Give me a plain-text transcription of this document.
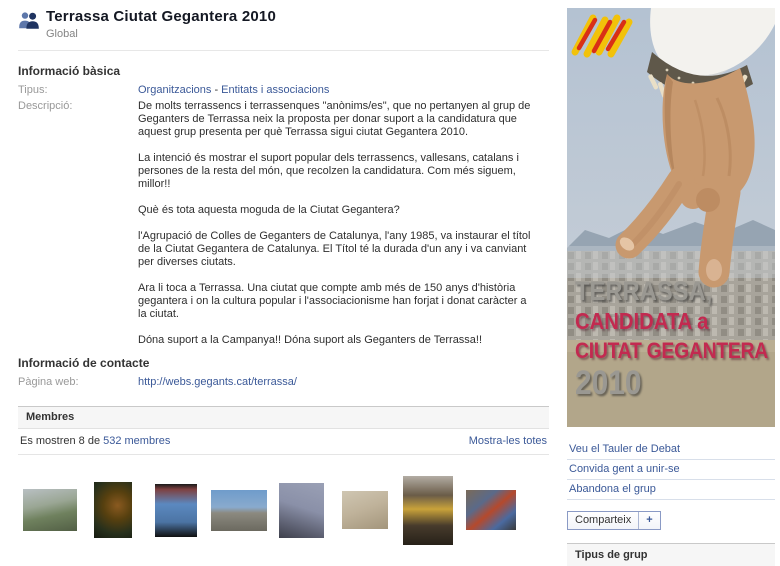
Terrassa Ciutat Gegantera 2010
Global
Informació bàsica
Tipus:	Organitzacions - Entitats i associacions
Descripció:	De molts terrassencs i terrassenques "anònims/es", que no pertanyen al grup de Geganters de Terrassa neix la proposta per donar suport a la candidatura que aquest grup presenta per què Terrassa sigui ciutat Gegantera 2010.

La intenció és mostrar el suport popular dels terrassencs, vallesans, catalans i persones de la resta del món, que recolzen la candidatura. Com més siguem, millor!!

Què és tota aquesta moguda de la Ciutat Gegantera?

l'Agrupació de Colles de Geganters de Catalunya, l'any 1985, va instaurar el títol de la Ciutat Gegantera de Catalunya. El Títol té la durada d'un any i va canviant per diverses ciutats.

Ara li toca a Terrassa. Una ciutat que compte amb més de 150 anys d'història gegantera i on la cultura popular i l'associacionisme han forjat i donat caràcter a la ciutat.

Dóna suport a la Campanya!! Dóna suport als Geganters de Terrassa!!

Informació de contacte
Pàgina web:	http://webs.gegants.cat/terrassa/
Membres
Es mostren 8 de 532 membres	Mostra-les totes
TERRASSA,
CANDIDATA a
CIUTAT GEGANTERA
2010
Veu el Tauler de Debat
Convida gent a unir-se
Abandona el grup
Comparteix	+
Tipus de grup
